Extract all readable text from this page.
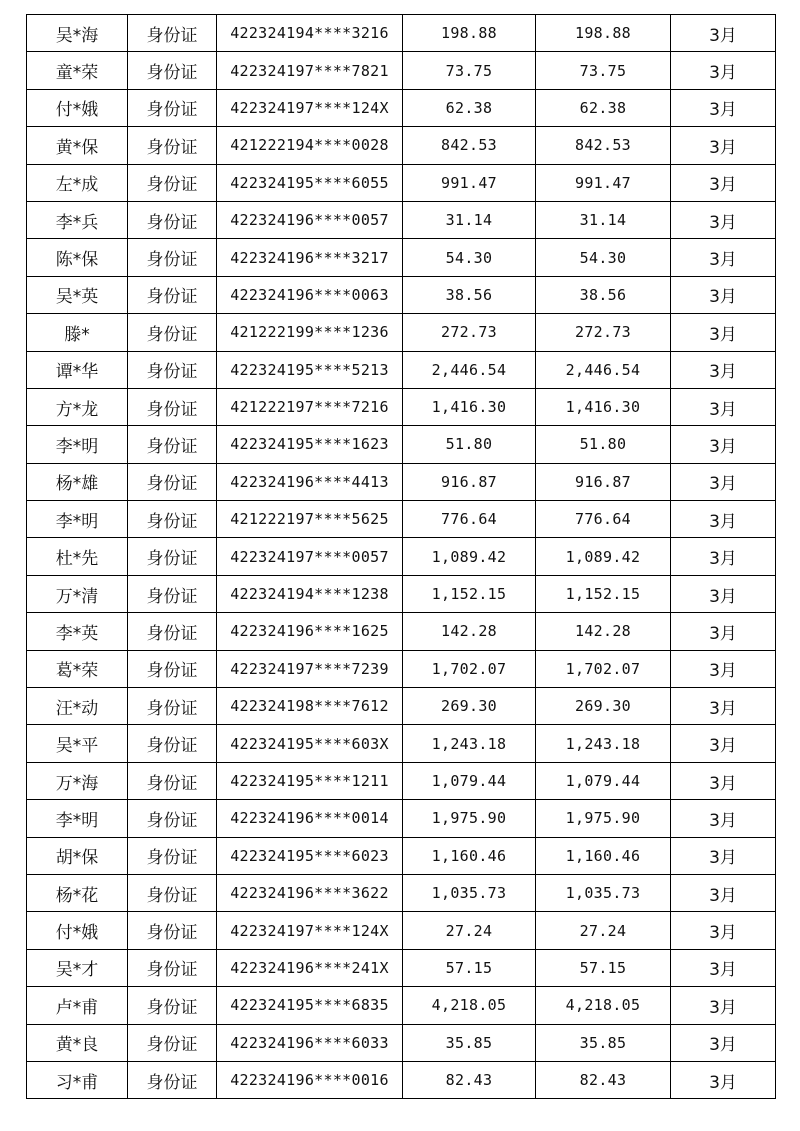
吴*海	身份证	422324194****3216	198.88	198.88	3月
童*荣	身份证	422324197****7821	73.75	73.75	3月
付*娥	身份证	422324197****124X	62.38	62.38	3月
黄*保	身份证	421222194****0028	842.53	842.53	3月
左*成	身份证	422324195****6055	991.47	991.47	3月
李*兵	身份证	422324196****0057	31.14	31.14	3月
陈*保	身份证	422324196****3217	54.30	54.30	3月
吴*英	身份证	422324196****0063	38.56	38.56	3月
滕*	身份证	421222199****1236	272.73	272.73	3月
谭*华	身份证	422324195****5213	2,446.54	2,446.54	3月
方*龙	身份证	421222197****7216	1,416.30	1,416.30	3月
李*明	身份证	422324195****1623	51.80	51.80	3月
杨*雄	身份证	422324196****4413	916.87	916.87	3月
李*明	身份证	421222197****5625	776.64	776.64	3月
杜*先	身份证	422324197****0057	1,089.42	1,089.42	3月
万*清	身份证	422324194****1238	1,152.15	1,152.15	3月
李*英	身份证	422324196****1625	142.28	142.28	3月
葛*荣	身份证	422324197****7239	1,702.07	1,702.07	3月
汪*动	身份证	422324198****7612	269.30	269.30	3月
吴*平	身份证	422324195****603X	1,243.18	1,243.18	3月
万*海	身份证	422324195****1211	1,079.44	1,079.44	3月
李*明	身份证	422324196****0014	1,975.90	1,975.90	3月
胡*保	身份证	422324195****6023	1,160.46	1,160.46	3月
杨*花	身份证	422324196****3622	1,035.73	1,035.73	3月
付*娥	身份证	422324197****124X	27.24	27.24	3月
吴*才	身份证	422324196****241X	57.15	57.15	3月
卢*甫	身份证	422324195****6835	4,218.05	4,218.05	3月
黄*良	身份证	422324196****6033	35.85	35.85	3月
习*甫	身份证	422324196****0016	82.43	82.43	3月
